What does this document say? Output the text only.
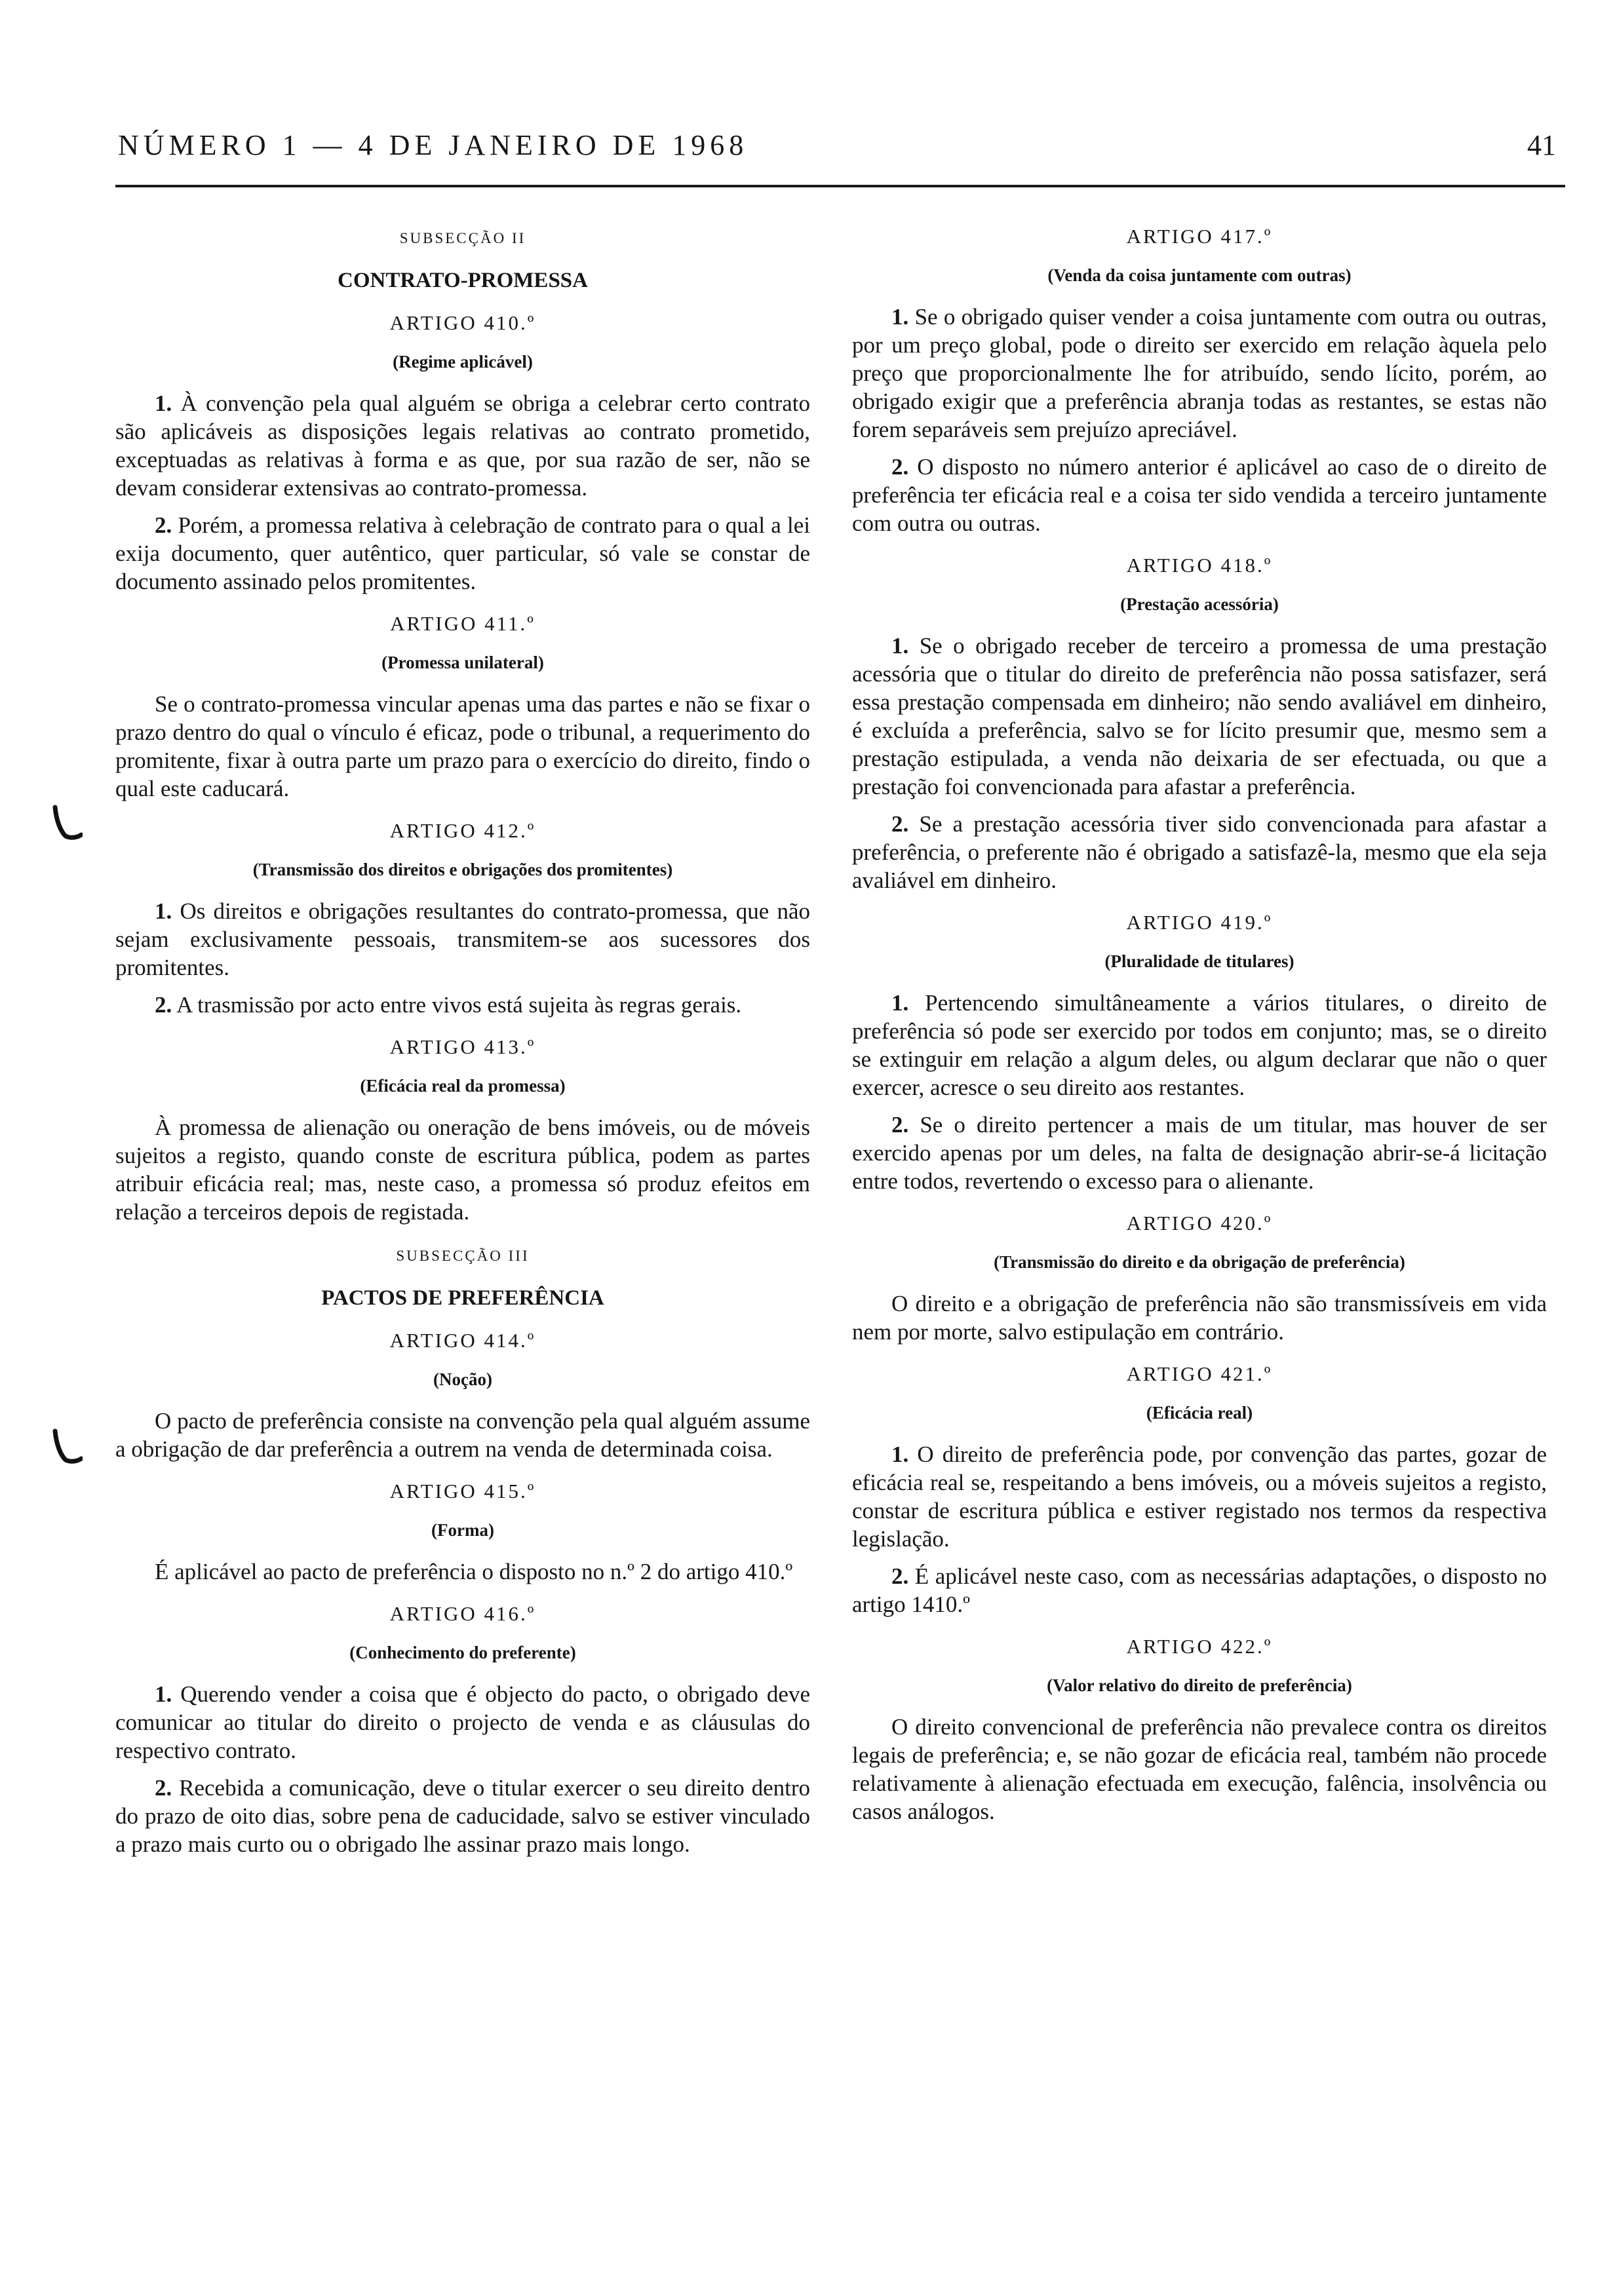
NÚMERO 1 — 4 DE JANEIRO DE 1968	41
SUBSECÇÃO II
CONTRATO-PROMESSA
ARTIGO 410.º
(Regime aplicável)

1. À convenção pela qual alguém se obriga a celebrar certo contrato são aplicáveis as disposições legais relativas ao contrato prometido, exceptuadas as relativas à forma e as que, por sua razão de ser, não se devam considerar extensivas ao contrato-promessa.

2. Porém, a promessa relativa à celebração de contrato para o qual a lei exija documento, quer autêntico, quer particular, só vale se constar de documento assinado pelos promitentes.

ARTIGO 411.º
(Promessa unilateral)

Se o contrato-promessa vincular apenas uma das partes e não se fixar o prazo dentro do qual o vínculo é eficaz, pode o tribunal, a requerimento do promitente, fixar à outra parte um prazo para o exercício do direito, findo o qual este caducará.

ARTIGO 412.º
(Transmissão dos direitos e obrigações dos promitentes)

1. Os direitos e obrigações resultantes do contrato-promessa, que não sejam exclusivamente pessoais, transmitem-se aos sucessores dos promitentes.

2. A trasmissão por acto entre vivos está sujeita às regras gerais.

ARTIGO 413.º
(Eficácia real da promessa)

À promessa de alienação ou oneração de bens imóveis, ou de móveis sujeitos a registo, quando conste de escritura pública, podem as partes atribuir eficácia real; mas, neste caso, a promessa só produz efeitos em relação a terceiros depois de registada.

SUBSECÇÃO III
PACTOS DE PREFERÊNCIA
ARTIGO 414.º
(Noção)

O pacto de preferência consiste na convenção pela qual alguém assume a obrigação de dar preferência a outrem na venda de determinada coisa.

ARTIGO 415.º
(Forma)

É aplicável ao pacto de preferência o disposto no n.º 2 do artigo 410.º

ARTIGO 416.º
(Conhecimento do preferente)

1. Querendo vender a coisa que é objecto do pacto, o obrigado deve comunicar ao titular do direito o projecto de venda e as cláusulas do respectivo contrato.

2. Recebida a comunicação, deve o titular exercer o seu direito dentro do prazo de oito dias, sobre pena de caducidade, salvo se estiver vinculado a prazo mais curto ou o obrigado lhe assinar prazo mais longo.

ARTIGO 417.º
(Venda da coisa juntamente com outras)

1. Se o obrigado quiser vender a coisa juntamente com outra ou outras, por um preço global, pode o direito ser exercido em relação àquela pelo preço que proporcionalmente lhe for atribuído, sendo lícito, porém, ao obrigado exigir que a preferência abranja todas as restantes, se estas não forem separáveis sem prejuízo apreciável.

2. O disposto no número anterior é aplicável ao caso de o direito de preferência ter eficácia real e a coisa ter sido vendida a terceiro juntamente com outra ou outras.

ARTIGO 418.º
(Prestação acessória)

1. Se o obrigado receber de terceiro a promessa de uma prestação acessória que o titular do direito de preferência não possa satisfazer, será essa prestação compensada em dinheiro; não sendo avaliável em dinheiro, é excluída a preferência, salvo se for lícito presumir que, mesmo sem a prestação estipulada, a venda não deixaria de ser efectuada, ou que a prestação foi convencionada para afastar a preferência.

2. Se a prestação acessória tiver sido convencionada para afastar a preferência, o preferente não é obrigado a satisfazê-la, mesmo que ela seja avaliável em dinheiro.

ARTIGO 419.º
(Pluralidade de titulares)

1. Pertencendo simultâneamente a vários titulares, o direito de preferência só pode ser exercido por todos em conjunto; mas, se o direito se extinguir em relação a algum deles, ou algum declarar que não o quer exercer, acresce o seu direito aos restantes.

2. Se o direito pertencer a mais de um titular, mas houver de ser exercido apenas por um deles, na falta de designação abrir-se-á licitação entre todos, revertendo o excesso para o alienante.

ARTIGO 420.º
(Transmissão do direito e da obrigação de preferência)

O direito e a obrigação de preferência não são transmissíveis em vida nem por morte, salvo estipulação em contrário.

ARTIGO 421.º
(Eficácia real)

1. O direito de preferência pode, por convenção das partes, gozar de eficácia real se, respeitando a bens imóveis, ou a móveis sujeitos a registo, constar de escritura pública e estiver registado nos termos da respectiva legislação.

2. É aplicável neste caso, com as necessárias adaptações, o disposto no artigo 1410.º

ARTIGO 422.º
(Valor relativo do direito de preferência)

O direito convencional de preferência não prevalece contra os direitos legais de preferência; e, se não gozar de eficácia real, também não procede relativamente à alienação efectuada em execução, falência, insolvência ou casos análogos.
